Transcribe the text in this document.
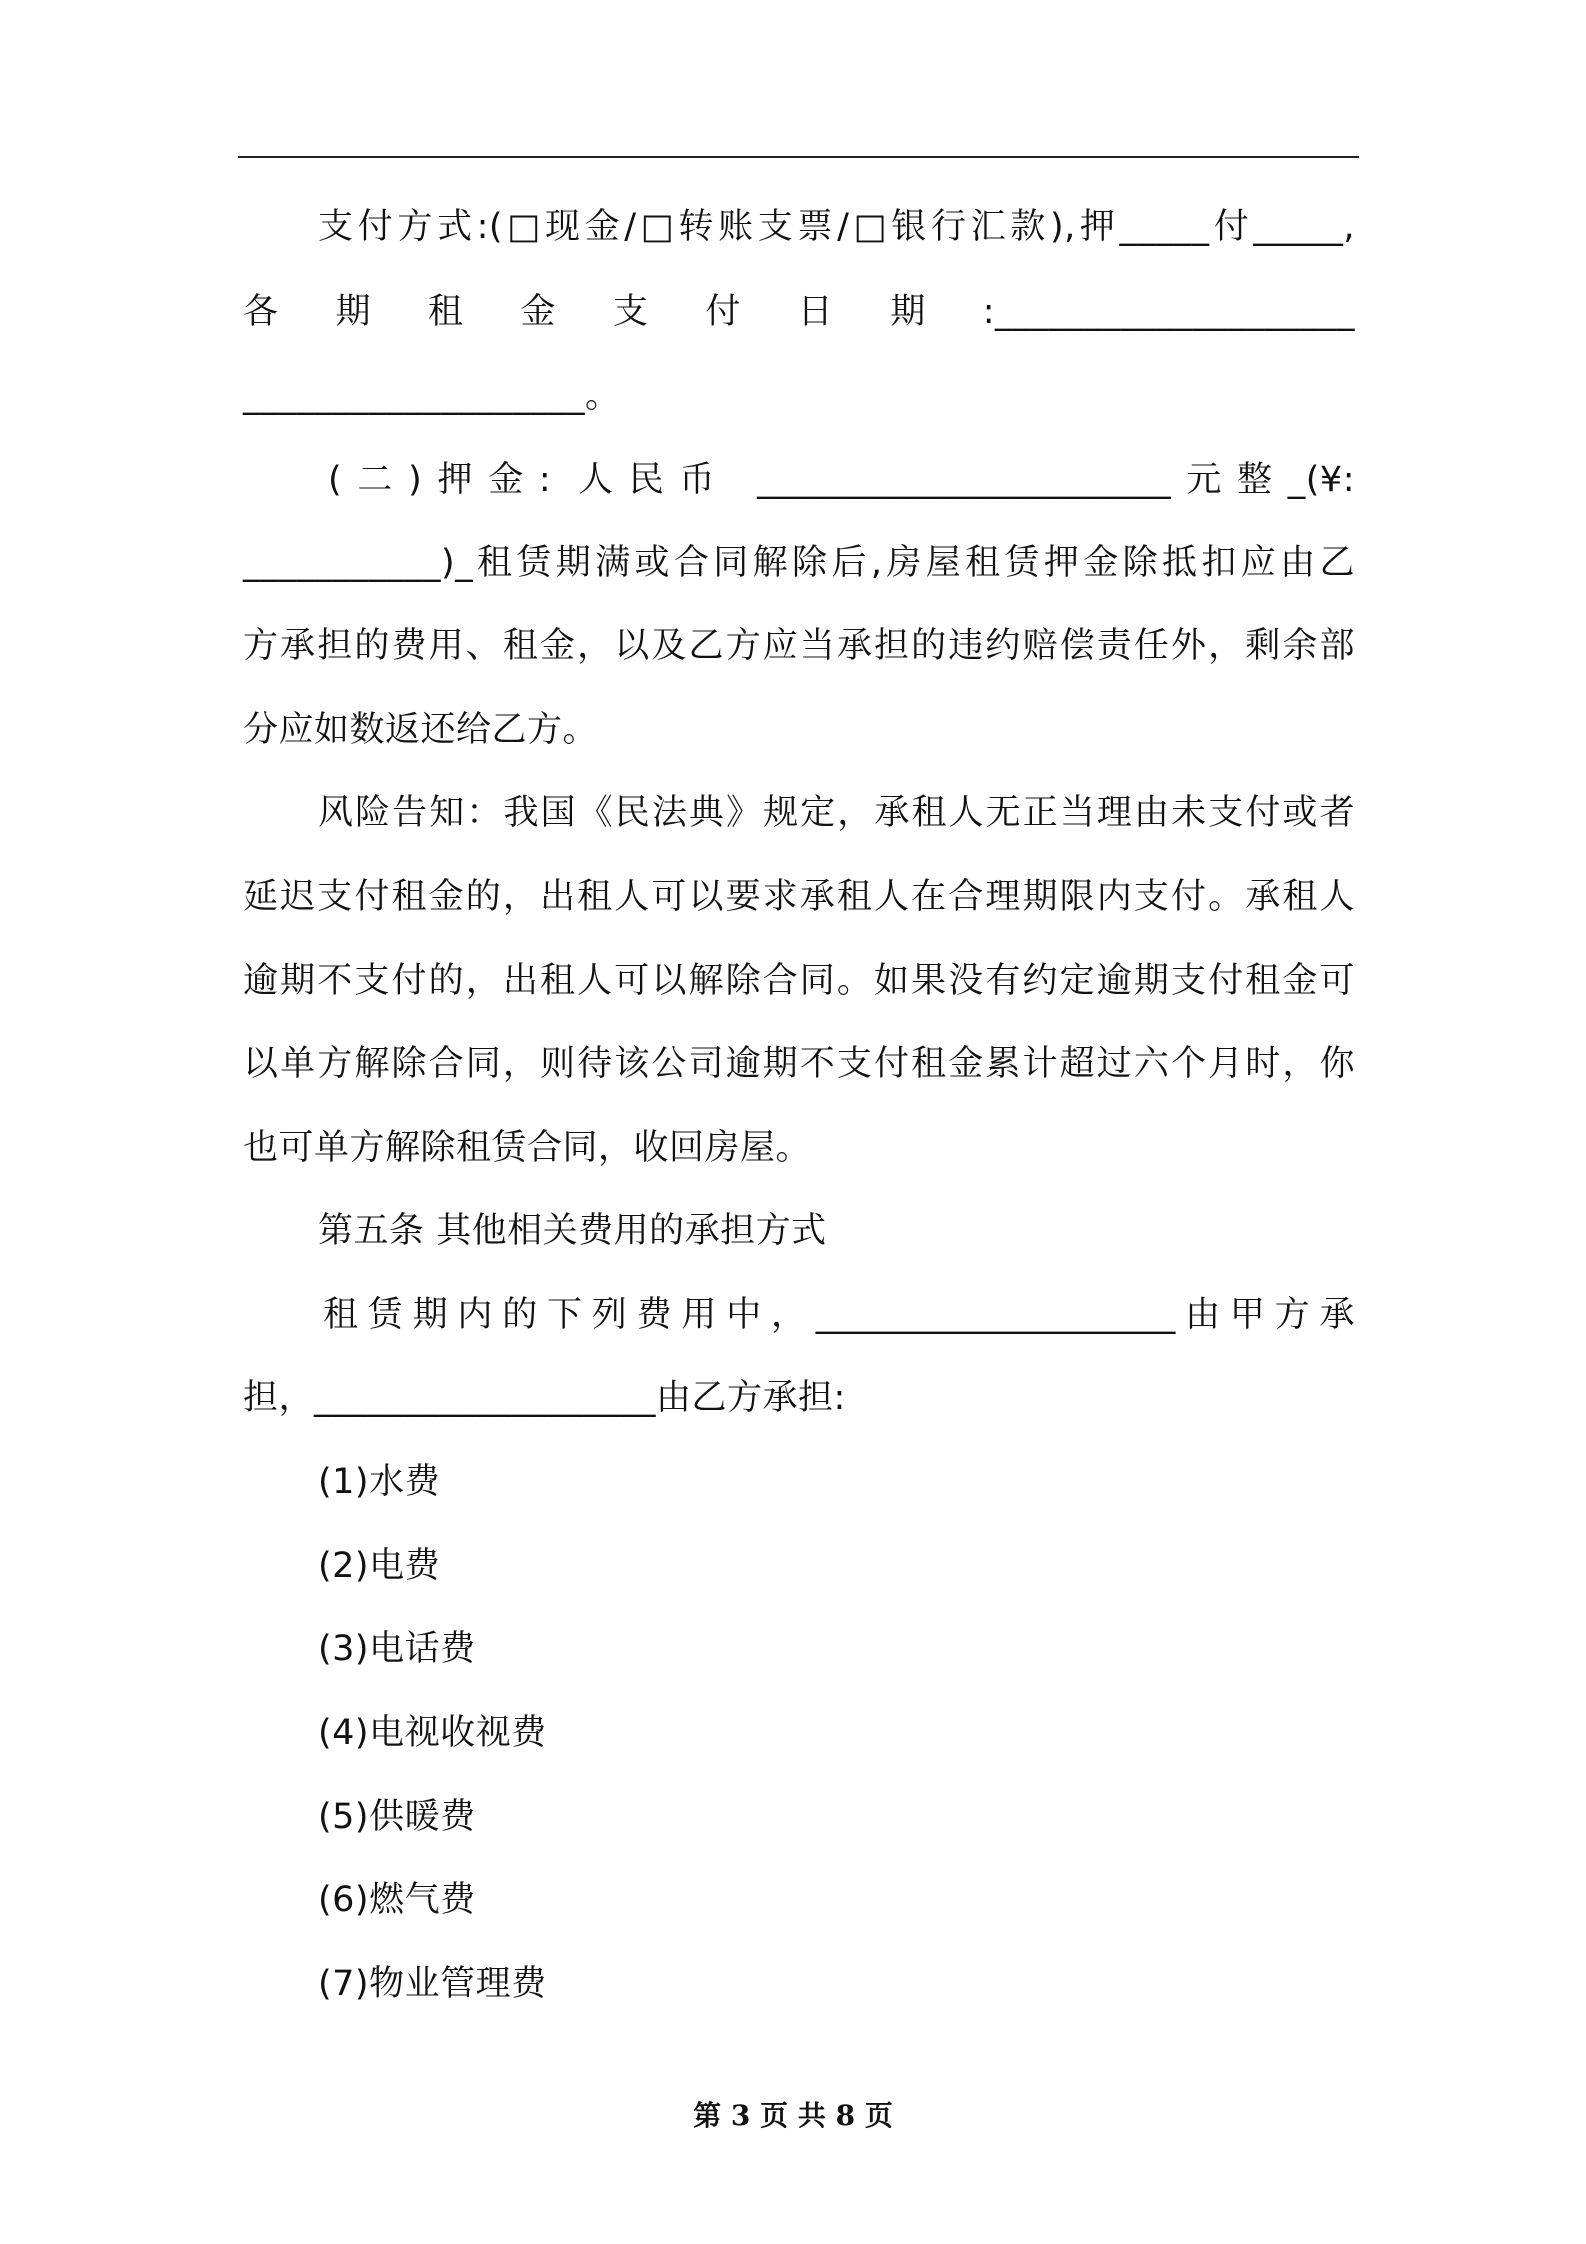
支付方式:(□现金/□转账支票/□银行汇款),押_____付_____,
各 期 租 金 支 付 日 期 :____________________
___________________。
(二)押金: 人民币 _______________________元整_(¥:
___________)_租赁期满或合同解除后,房屋租赁押金除抵扣应由乙
方承担的费用、租金，以及乙方应当承担的违约赔偿责任外，剩余部
分应如数返还给乙方。
风险告知：我国《民法典》规定，承租人无正当理由未支付或者
延迟支付租金的，出租人可以要求承租人在合理期限内支付。承租人
逾期不支付的，出租人可以解除合同。如果没有约定逾期支付租金可
以单方解除合同，则待该公司逾期不支付租金累计超过六个月时，你
也可单方解除租赁合同，收回房屋。
第五条 其他相关费用的承担方式
租赁期内的下列费用中，____________________由甲方承
担，___________________由乙方承担:
(1)水费
(2)电费
(3)电话费
(4)电视收视费
(5)供暖费
(6)燃气费
(7)物业管理费
第 3 页 共 8 页
